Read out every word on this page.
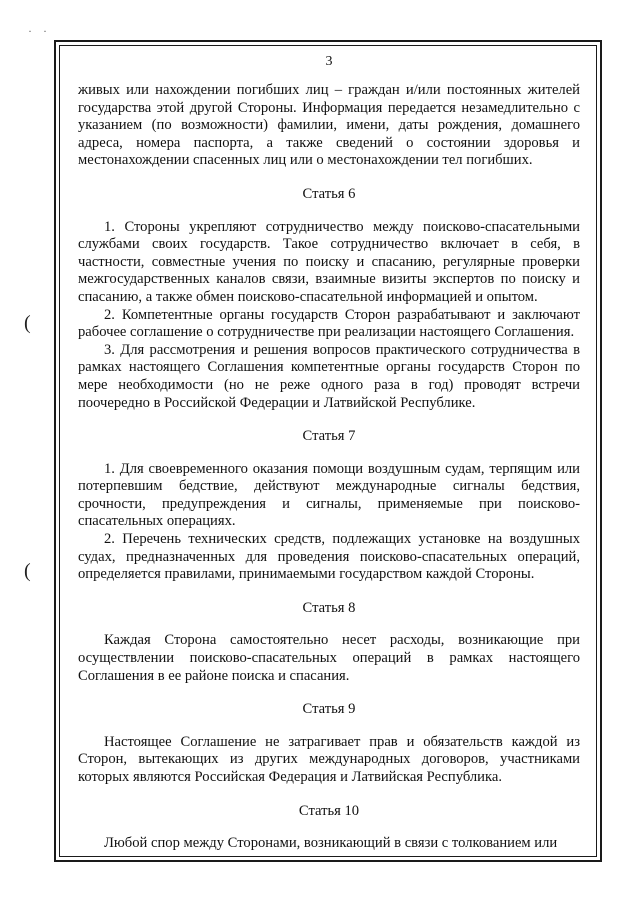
· ·
(
(
3

живых или нахождении погибших лиц – граждан и/или постоянных жителей государства этой другой Стороны. Информация передается незамедлительно с указанием (по возможности) фамилии, имени, даты рождения, домашнего адреса, номера паспорта, а также сведений о состоянии здоровья и местонахождении спасенных лиц или о местонахождении тел погибших.

Статья 6

1. Стороны укрепляют сотрудничество между поисково-спасательными службами своих государств. Такое сотрудничество включает в себя, в частности, совместные учения по поиску и спасанию, регулярные проверки межгосударственных каналов связи, взаимные визиты экспертов по поиску и спасанию, а также обмен поисково-спасательной информацией и опытом.

2. Компетентные органы государств Сторон разрабатывают и заключают рабочее соглашение о сотрудничестве при реализации настоящего Соглашения.

3. Для рассмотрения и решения вопросов практического сотрудничества в рамках настоящего Соглашения компетентные органы государств Сторон по мере необходимости (но не реже одного раза в год) проводят встречи поочередно в Российской Федерации и Латвийской Республике.

Статья 7

1. Для своевременного оказания помощи воздушным судам, терпящим или потерпевшим бедствие, действуют международные сигналы бедствия, срочности, предупреждения и сигналы, применяемые при поисково-спасательных операциях.

2. Перечень технических средств, подлежащих установке на воздушных судах, предназначенных для проведения поисково-спасательных операций, определяется правилами, принимаемыми государством каждой Стороны.

Статья 8

Каждая Сторона самостоятельно несет расходы, возникающие при осуществлении поисково-спасательных операций в рамках настоящего Соглашения в ее районе поиска и спасания.

Статья 9

Настоящее Соглашение не затрагивает прав и обязательств каждой из Сторон, вытекающих из других международных договоров, участниками которых являются Российская Федерация и Латвийская Республика.

Статья 10

Любой спор между Сторонами, возникающий в связи с толкованием или
